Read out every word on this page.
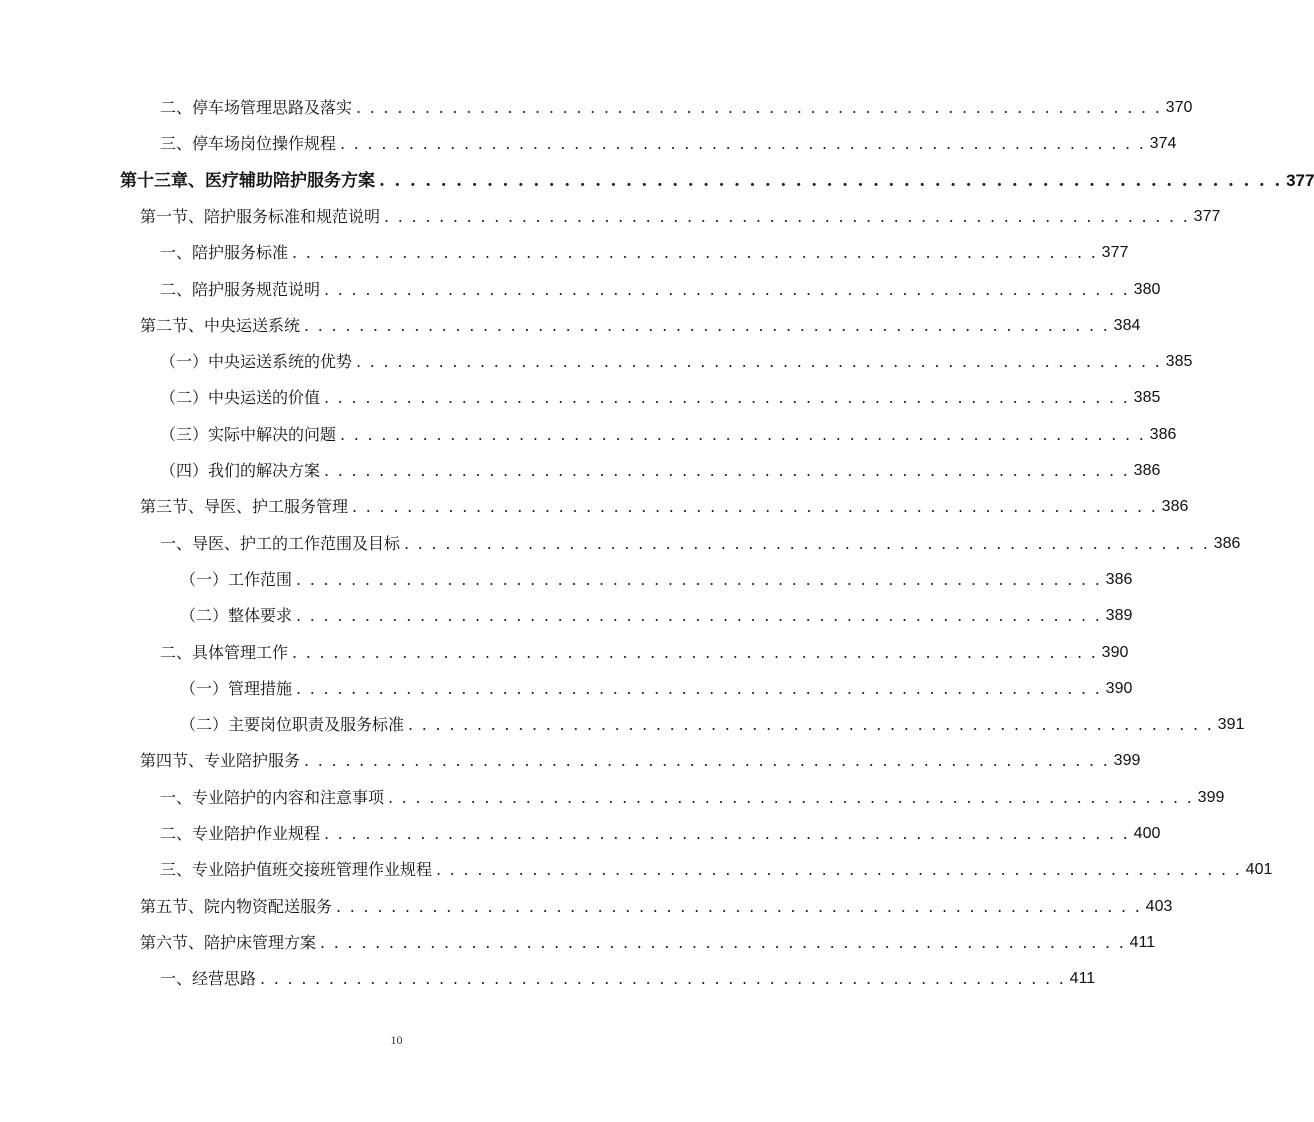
二、停车场管理思路及落实 . . . . . . . . . . . . . . . . . . . . . . . . . . . . . . . . . . . . . . . . . . . . . . . . . . . . . . . . . . . 370
三、停车场岗位操作规程 . . . . . . . . . . . . . . . . . . . . . . . . . . . . . . . . . . . . . . . . . . . . . . . . . . . . . . . . . . . 374
第十三章、医疗辅助陪护服务方案 . . . . . . . . . . . . . . . . . . . . . . . . . . . . . . . . . . . . . . . . . . . . . . . . . . . . . . . . . . . 377
第一节、陪护服务标准和规范说明 . . . . . . . . . . . . . . . . . . . . . . . . . . . . . . . . . . . . . . . . . . . . . . . . . . . . . . . . . . . 377
一、陪护服务标准 . . . . . . . . . . . . . . . . . . . . . . . . . . . . . . . . . . . . . . . . . . . . . . . . . . . . . . . . . . . 377
二、陪护服务规范说明 . . . . . . . . . . . . . . . . . . . . . . . . . . . . . . . . . . . . . . . . . . . . . . . . . . . . . . . . . . . 380
第二节、中央运送系统 . . . . . . . . . . . . . . . . . . . . . . . . . . . . . . . . . . . . . . . . . . . . . . . . . . . . . . . . . . . 384
（一）中央运送系统的优势 . . . . . . . . . . . . . . . . . . . . . . . . . . . . . . . . . . . . . . . . . . . . . . . . . . . . . . . . . . . 385
（二）中央运送的价值 . . . . . . . . . . . . . . . . . . . . . . . . . . . . . . . . . . . . . . . . . . . . . . . . . . . . . . . . . . . 385
（三）实际中解决的问题 . . . . . . . . . . . . . . . . . . . . . . . . . . . . . . . . . . . . . . . . . . . . . . . . . . . . . . . . . . . 386
（四）我们的解决方案 . . . . . . . . . . . . . . . . . . . . . . . . . . . . . . . . . . . . . . . . . . . . . . . . . . . . . . . . . . . 386
第三节、导医、护工服务管理 . . . . . . . . . . . . . . . . . . . . . . . . . . . . . . . . . . . . . . . . . . . . . . . . . . . . . . . . . . . 386
一、导医、护工的工作范围及目标 . . . . . . . . . . . . . . . . . . . . . . . . . . . . . . . . . . . . . . . . . . . . . . . . . . . . . . . . . . . 386
（一）工作范围 . . . . . . . . . . . . . . . . . . . . . . . . . . . . . . . . . . . . . . . . . . . . . . . . . . . . . . . . . . . 386
（二）整体要求 . . . . . . . . . . . . . . . . . . . . . . . . . . . . . . . . . . . . . . . . . . . . . . . . . . . . . . . . . . . 389
二、具体管理工作 . . . . . . . . . . . . . . . . . . . . . . . . . . . . . . . . . . . . . . . . . . . . . . . . . . . . . . . . . . . 390
（一）管理措施 . . . . . . . . . . . . . . . . . . . . . . . . . . . . . . . . . . . . . . . . . . . . . . . . . . . . . . . . . . . 390
（二）主要岗位职责及服务标准 . . . . . . . . . . . . . . . . . . . . . . . . . . . . . . . . . . . . . . . . . . . . . . . . . . . . . . . . . . . 391
第四节、专业陪护服务 . . . . . . . . . . . . . . . . . . . . . . . . . . . . . . . . . . . . . . . . . . . . . . . . . . . . . . . . . . . 399
一、专业陪护的内容和注意事项 . . . . . . . . . . . . . . . . . . . . . . . . . . . . . . . . . . . . . . . . . . . . . . . . . . . . . . . . . . . 399
二、专业陪护作业规程 . . . . . . . . . . . . . . . . . . . . . . . . . . . . . . . . . . . . . . . . . . . . . . . . . . . . . . . . . . . 400
三、专业陪护值班交接班管理作业规程 . . . . . . . . . . . . . . . . . . . . . . . . . . . . . . . . . . . . . . . . . . . . . . . . . . . . . . . . . . . 401
第五节、院内物资配送服务 . . . . . . . . . . . . . . . . . . . . . . . . . . . . . . . . . . . . . . . . . . . . . . . . . . . . . . . . . . . 403
第六节、陪护床管理方案 . . . . . . . . . . . . . . . . . . . . . . . . . . . . . . . . . . . . . . . . . . . . . . . . . . . . . . . . . . . 411
一、经营思路 . . . . . . . . . . . . . . . . . . . . . . . . . . . . . . . . . . . . . . . . . . . . . . . . . . . . . . . . . . . 411
10
